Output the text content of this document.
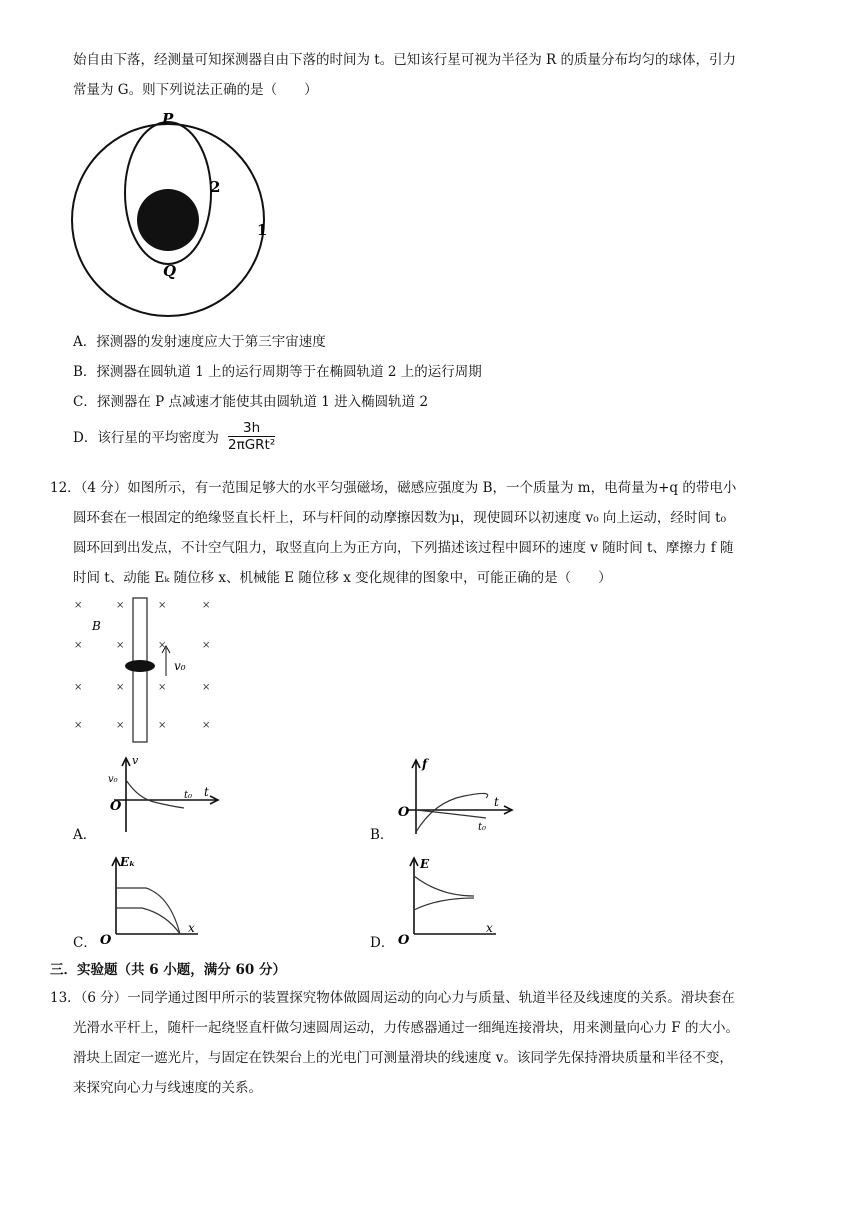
始自由下落，经测量可知探测器自由下落的时间为 t。已知该行星可视为半径为 R 的质量分布均匀的球体，引力
常量为 G。则下列说法正确的是（　　）
P
Q
2
1
A．探测器的发射速度应大于第三宇宙速度
B．探测器在圆轨道 1 上的运行周期等于在椭圆轨道 2 上的运行周期
C．探测器在 P 点减速才能使其由圆轨道 1 进入椭圆轨道 2
D．该行星的平均密度为
3h
2πGRt²
12．（4 分）如图所示，有一范围足够大的水平匀强磁场，磁感应强度为 B，一个质量为 m，电荷量为+q 的带电小
圆环套在一根固定的绝缘竖直长杆上，环与杆间的动摩擦因数为μ，现使圆环以初速度 v₀ 向上运动，经时间 t₀
圆环回到出发点，不计空气阻力，取竖直向上为正方向，下列描述该过程中圆环的速度 v 随时间 t、摩擦力 f 随
时间 t、动能 Eₖ 随位移 x、机械能 E 随位移 x 变化规律的图象中，可能正确的是（　　）
×	×	×	×
×	×	×	×
×	×	×	×
×	×	×	×
B
v₀
A．
v
v₀
O
t₀ t
B．
f
O
t₀
t
C．
Eₖ
O
x
D．
E
O
x
三．实验题（共 6 小题，满分 60 分）
13．（6 分）一同学通过图甲所示的装置探究物体做圆周运动的向心力与质量、轨道半径及线速度的关系。滑块套在
光滑水平杆上，随杆一起绕竖直杆做匀速圆周运动，力传感器通过一细绳连接滑块，用来测量向心力 F 的大小。
滑块上固定一遮光片，与固定在铁架台上的光电门可测量滑块的线速度 v。该同学先保持滑块质量和半径不变，
来探究向心力与线速度的关系。
